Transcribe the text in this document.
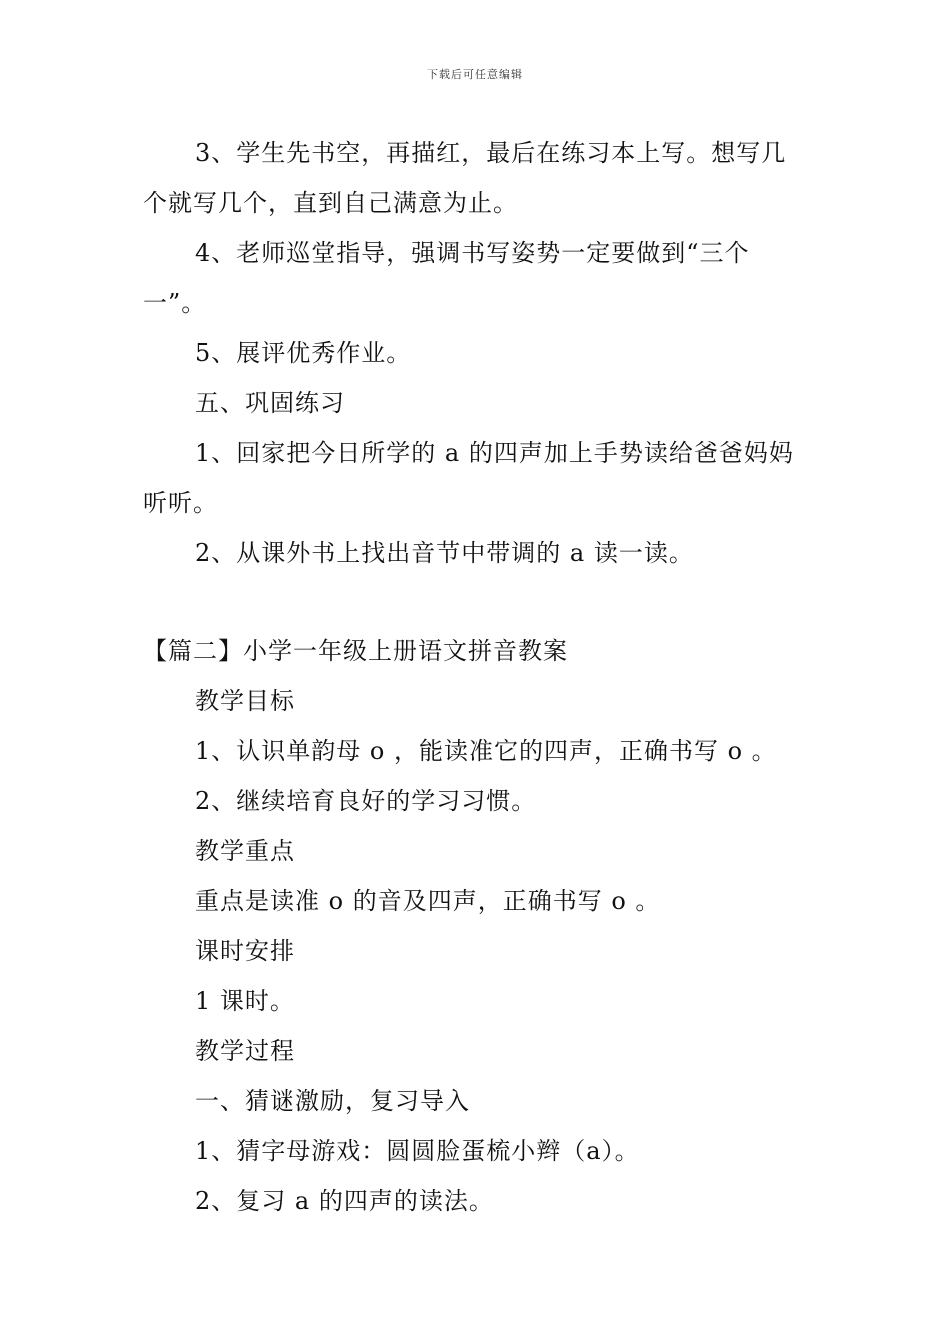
下载后可任意编辑

3、学生先书空，再描红，最后在练习本上写。想写几

个就写几个，直到自己满意为止。

4、老师巡堂指导，强调书写姿势一定要做到“三个

一”。

5、展评优秀作业。

五、巩固练习

1、回家把今日所学的 a 的四声加上手势读给爸爸妈妈

听听。

2、从课外书上找出音节中带调的 a 读一读。

【篇二】小学一年级上册语文拼音教案

教学目标

1、认识单韵母 o ，能读准它的四声，正确书写 o 。

2、继续培育良好的学习习惯。

教学重点

重点是读准 o 的音及四声，正确书写 o 。

课时安排

1 课时。

教学过程

一、猜谜激励，复习导入

1、猜字母游戏：圆圆脸蛋梳小辫（a）。

2、复习 a 的四声的读法。
